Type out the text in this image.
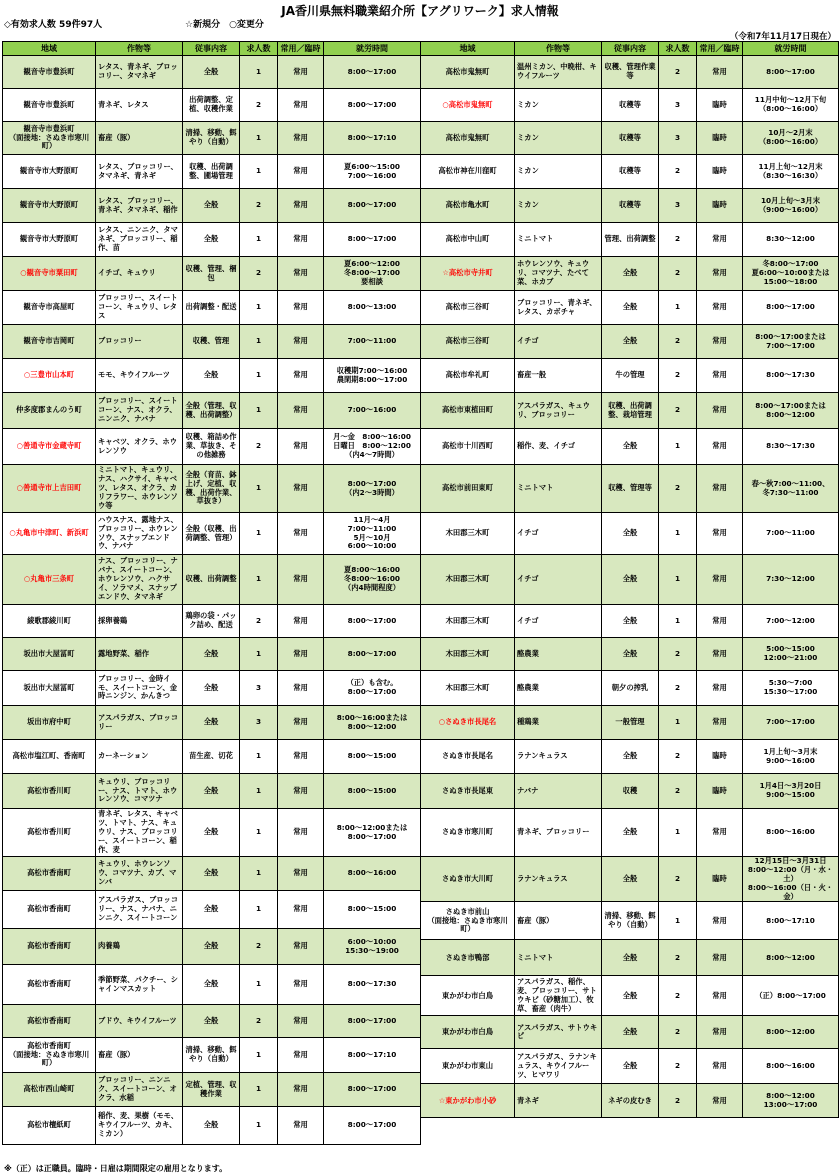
JA香川県無料職業紹介所【アグリワーク】求人情報
◇有効求人数 59件97人	☆新規分　○変更分
（令和7年11月17日現在）
地域	作物等	従事内容	求人数	常用／臨時	就労時間
観音寺市豊浜町	レタス、青ネギ、ブロッコリー、タマネギ	全般	1	常用	8:00～17:00
観音寺市豊浜町	青ネギ、レタス	出荷調整、定植、収穫作業	2	常用	8:00～17:00
観音寺市豊浜町
（面接地：さぬき市寒川町）	畜産（豚）	清掃、移動、餌やり（自動）	1	常用	8:00～17:10
観音寺市大野原町	レタス、ブロッコリー、タマネギ、青ネギ	収穫、出荷調整、圃場管理	1	常用	夏6:00～15:00
7:00～16:00
観音寺市大野原町	レタス、ブロッコリー、青ネギ、タマネギ、稲作	全般	2	常用	8:00～17:00
観音寺市大野原町	レタス、ニンニク、タマネギ、ブロッコリー、稲作、苗	全般	1	常用	8:00～17:00
○観音寺市粟田町	イチゴ、キュウリ	収穫、管理、梱包	2	常用	夏6:00～12:00
冬8:00～17:00
要相談
観音寺市高屋町	ブロッコリー、スイートコーン、キュウリ、レタス	出荷調整・配送	1	常用	8:00～13:00
観音寺市吉岡町	ブロッコリー	収穫、管理	1	常用	7:00～11:00
○三豊市山本町	モモ、キウイフルーツ	全般	1	常用	収穫期7:00～16:00
農閑期8:00～17:00
仲多度郡まんのう町	ブロッコリー、スイートコーン、ナス、オクラ、ニンニク、ナバナ	全般（管理、収穫、出荷調整）	1	常用	7:00～16:00
○善通寺市金蔵寺町	キャベツ、オクラ、ホウレンソウ	収穫、箱詰め作業、草抜き、その他雑務	2	常用	月～金　8:00～16:00
日曜日　8:00～12:00
（内4～7時間）
○善通寺市上吉田町	ミニトマト、キュウリ、ナス、ハクサイ、キャベツ、レタス、オクラ、カリフラワー、ホウレンソウ等	全般（育苗、鉢上げ、定植、収穫、出荷作業、草抜き）	1	常用	8:00～17:00
（内2～3時間）
○丸亀市中津町、新浜町	ハウスナス、露地ナス、ブロッコリー、ホウレンソウ、スナップエンドウ、ナバナ	全般（収穫、出荷調整、管理）	1	常用	11月～4月
7:00～11:00
5月～10月
6:00～10:00
○丸亀市三条町	ナス、ブロッコリー、ナバナ、スイートコーン、ホウレンソウ、ハクサイ、ソラマメ、スナップエンドウ、タマネギ	収穫、出荷調整	1	常用	夏8:00～16:00
冬8:00～16:00
（内4時間程度）
綾歌郡綾川町	採卵養鶏	鶏卵の袋・パック詰め、配送	2	常用	8:00～17:00
坂出市大屋冨町	露地野菜、稲作	全般	1	常用	8:00～17:00
坂出市大屋冨町	ブロッコリー、金時イモ、スイートコーン、金時ニンジン、かんきつ	全般	3	常用	（正）も含む。
8:00～17:00
坂出市府中町	アスパラガス、ブロッコリー	全般	3	常用	8:00～16:00または
8:00～12:00
高松市塩江町、香南町	カーネーション	苗生産、切花	1	常用	8:00～15:00
高松市香川町	キュウリ、ブロッコリー、ナス、トマト、ホウレンソウ、コマツナ	全般	1	常用	8:00～15:00
高松市香川町	青ネギ、レタス、キャベツ、トマト、ナス、キュウリ、ナス、ブロッコリー、スイートコーン、稲作、麦	全般	1	常用	8:00～12:00または
8:00～17:00
高松市香南町	キュウリ、ホウレンソウ、コマツナ、カブ、マンバ	全般	1	常用	8:00～16:00
高松市香南町	アスパラガス、ブロッコリー、ナス、ナバナ、ニンニク、スイートコーン	全般	1	常用	8:00～15:00
高松市香南町	肉養鶏	全般	2	常用	6:00～10:00
15:30～19:00
高松市香南町	季節野菜、パクチー、シャインマスカット	全般	1	常用	8:00～17:30
高松市香南町	ブドウ、キウイフルーツ	全般	2	常用	8:00～17:00
高松市香南町
（面接地：さぬき市寒川町）	畜産（豚）	清掃、移動、餌やり（自動）	1	常用	8:00～17:10
高松市西山崎町	ブロッコリー、ニンニク、スイートコーン、オクラ、水稲	定植、管理、収穫作業	1	常用	8:00～17:00
高松市檀紙町	稲作、麦、果樹（モモ、キウイフルーツ、カキ、ミカン）	全般	1	常用	8:00～17:00
地域	作物等	従事内容	求人数	常用／臨時	就労時間
高松市鬼無町	温州ミカン、中晩柑、キウイフルーツ	収穫、管理作業等	2	常用	8:00～17:00
○高松市鬼無町	ミカン	収穫等	3	臨時	11月中旬～12月下旬
（8:00～16:00）
高松市鬼無町	ミカン	収穫等	3	臨時	10月～2月末
（8:00～16:00）
高松市神在川窪町	ミカン	収穫等	2	臨時	11月上旬～12月末
（8:30～16:30）
高松市亀水町	ミカン	収穫等	3	臨時	10月上旬～3月末
（9:00～16:00）
高松市中山町	ミニトマト	管理、出荷調整	2	常用	8:30～12:00
☆高松市寺井町	ホウレンソウ、キュウリ、コマツナ、たべて菜、ホカブ	全般	2	常用	冬8:00～17:00
夏6:00～10:00または
15:00～18:00
高松市三谷町	ブロッコリー、青ネギ、レタス、カボチャ	全般	1	常用	8:00～17:00
高松市三谷町	イチゴ	全般	2	常用	8:00～17:00または
7:00～17:00
高松市牟礼町	畜産一般	牛の管理	2	常用	8:00～17:30
高松市東植田町	アスパラガス、キュウリ、ブロッコリー	収穫、出荷調整、栽培管理	2	常用	8:00～17:00または
8:00～12:00
高松市十川西町	稲作、麦、イチゴ	全般	1	常用	8:30～17:30
高松市前田東町	ミニトマト	収穫、管理等	2	常用	春～秋7:00～11:00、
冬7:30～11:00
木田郡三木町	イチゴ	全般	1	常用	7:00～11:00
木田郡三木町	イチゴ	全般	1	常用	7:30～12:00
木田郡三木町	イチゴ	全般	1	常用	7:00～12:00
木田郡三木町	酪農業	全般	2	常用	5:00～15:00
12:00～21:00
木田郡三木町	酪農業	朝夕の搾乳	2	常用	5:30～7:00
15:30～17:00
○さぬき市長尾名	種鶏業	一般管理	1	常用	7:00～17:00
さぬき市長尾名	ラナンキュラス	全般	2	臨時	1月上旬～3月末
9:00～16:00
さぬき市長尾東	ナバナ	収穫	2	臨時	1月4日～3月20日
9:00～15:00
さぬき市寒川町	青ネギ、ブロッコリー	全般	1	常用	8:00～16:00
さぬき市大川町	ラナンキュラス	全般	2	臨時	12月15日～3月31日
8:00～12:00（月・水・土）
8:00～16:00（日・火・金）
さぬき市前山
（面接地：さぬき市寒川町）	畜産（豚）	清掃、移動、餌やり（自動）	1	常用	8:00～17:10
さぬき市鴨部	ミニトマト	全般	2	常用	8:00～12:00
東かがわ市白鳥	アスパラガス、稲作、麦、ブロッコリー、サトウキビ（砂糖加工）、牧草、畜産（肉牛）	全般	2	常用	（正）8:00～17:00
東かがわ市白鳥	アスパラガス、サトウキビ	全般	2	常用	8:00～12:00
東かがわ市東山	アスパラガス、ラナンキュラス、キウイフルーツ、ヒマワリ	全般	2	常用	8:00～16:00
☆東かがわ市小砂	青ネギ	ネギの皮むき	2	常用	8:00～12:00
13:00～17:00
※（正）は正職員。臨時・日雇は期間限定の雇用となります。
